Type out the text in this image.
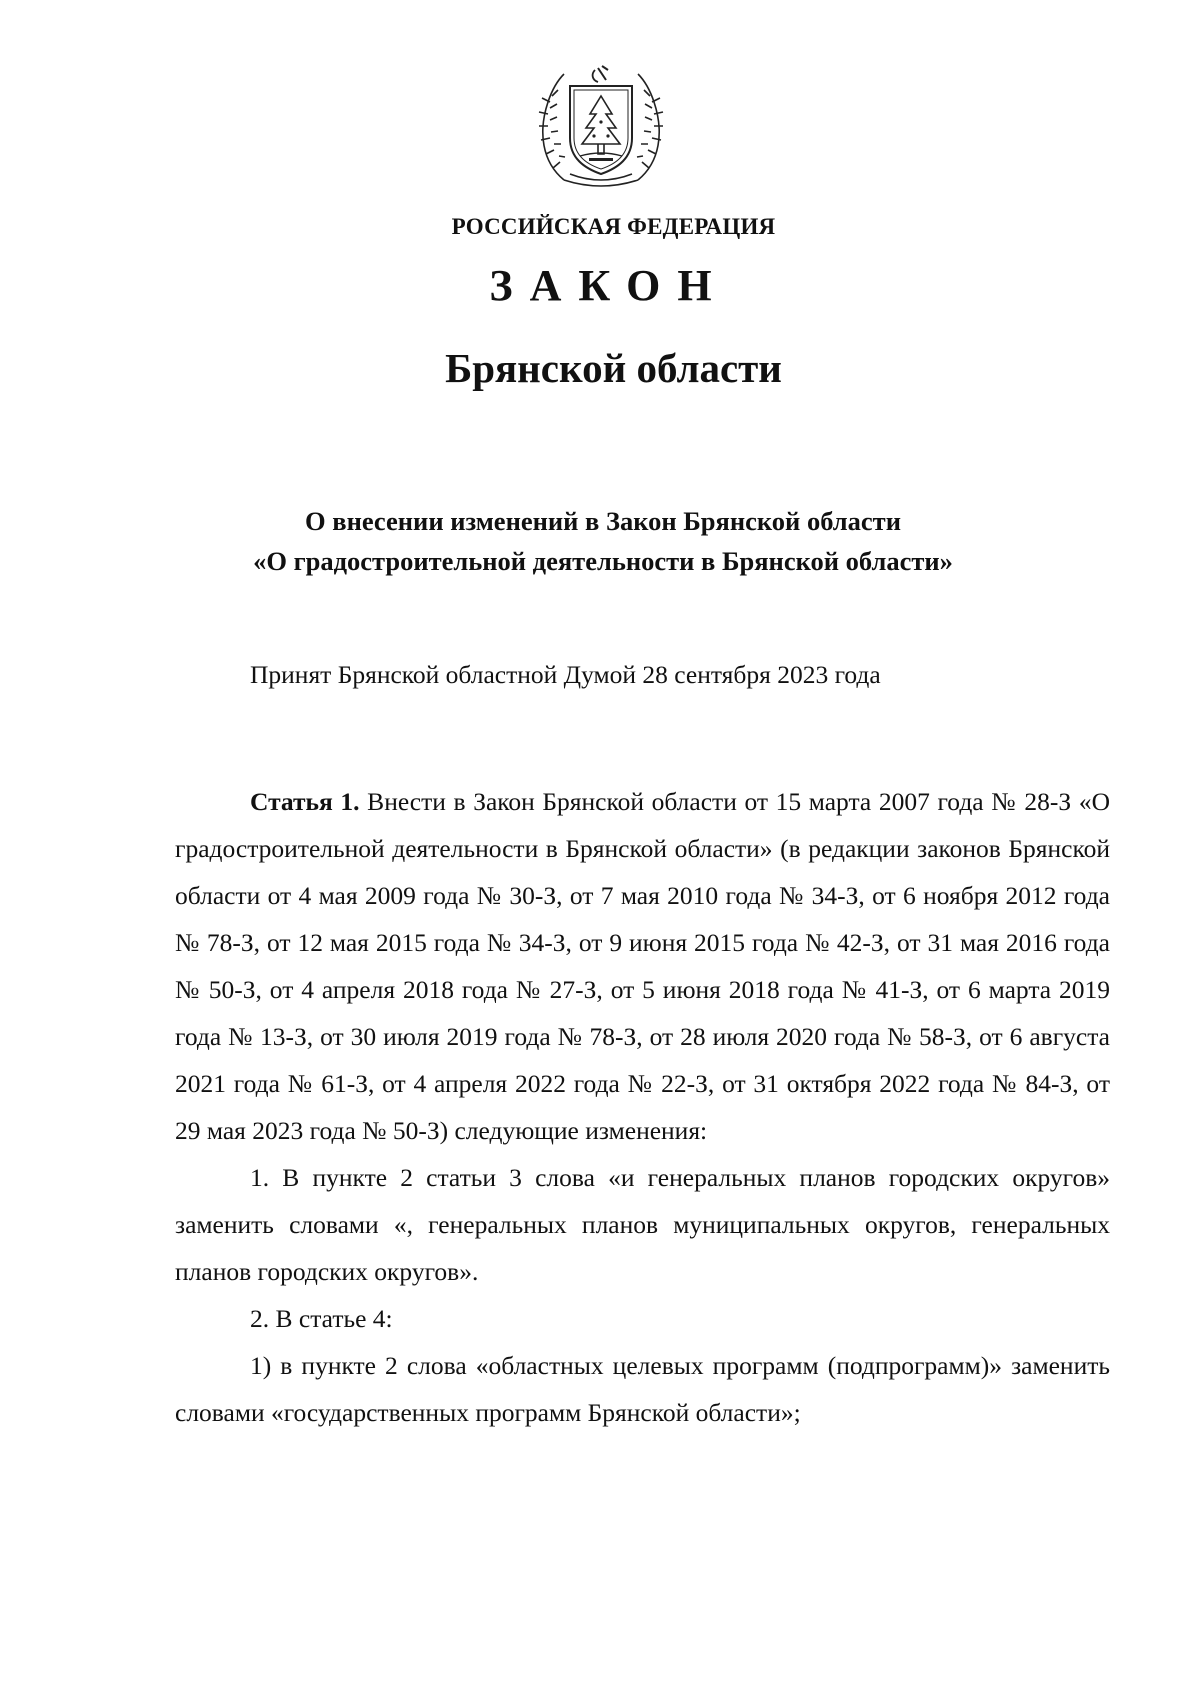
РОССИЙСКАЯ ФЕДЕРАЦИЯ
ЗАКОН
Брянской области
О внесении изменений в Закон Брянской области
«О градостроительной деятельности в Брянской области»
Принят Брянской областной Думой 28 сентября 2023 года

Статья 1. Внести в Закон Брянской области от 15 марта 2007 года № 28-З «О градостроительной деятельности в Брянской области» (в редакции законов Брянской области от 4 мая 2009 года № 30-З, от 7 мая 2010 года № 34-З, от 6 ноября 2012 года № 78-З, от 12 мая 2015 года № 34-З, от 9 июня 2015 года № 42-З, от 31 мая 2016 года № 50-З, от 4 апреля 2018 года № 27-З, от 5 июня 2018 года № 41-З, от 6 марта 2019 года № 13-З, от 30 июля 2019 года № 78-З, от 28 июля 2020 года № 58-З, от 6 августа 2021 года № 61-З, от 4 апреля 2022 года № 22-З, от 31 октября 2022 года № 84-З, от 29 мая 2023 года № 50-З) следующие изменения:

1. В пункте 2 статьи 3 слова «и генеральных планов городских округов» заменить словами «, генеральных планов муниципальных округов, генеральных планов городских округов».

2. В статье 4:

1) в пункте 2 слова «областных целевых программ (подпрограмм)» заменить словами «государственных программ Брянской области»;
